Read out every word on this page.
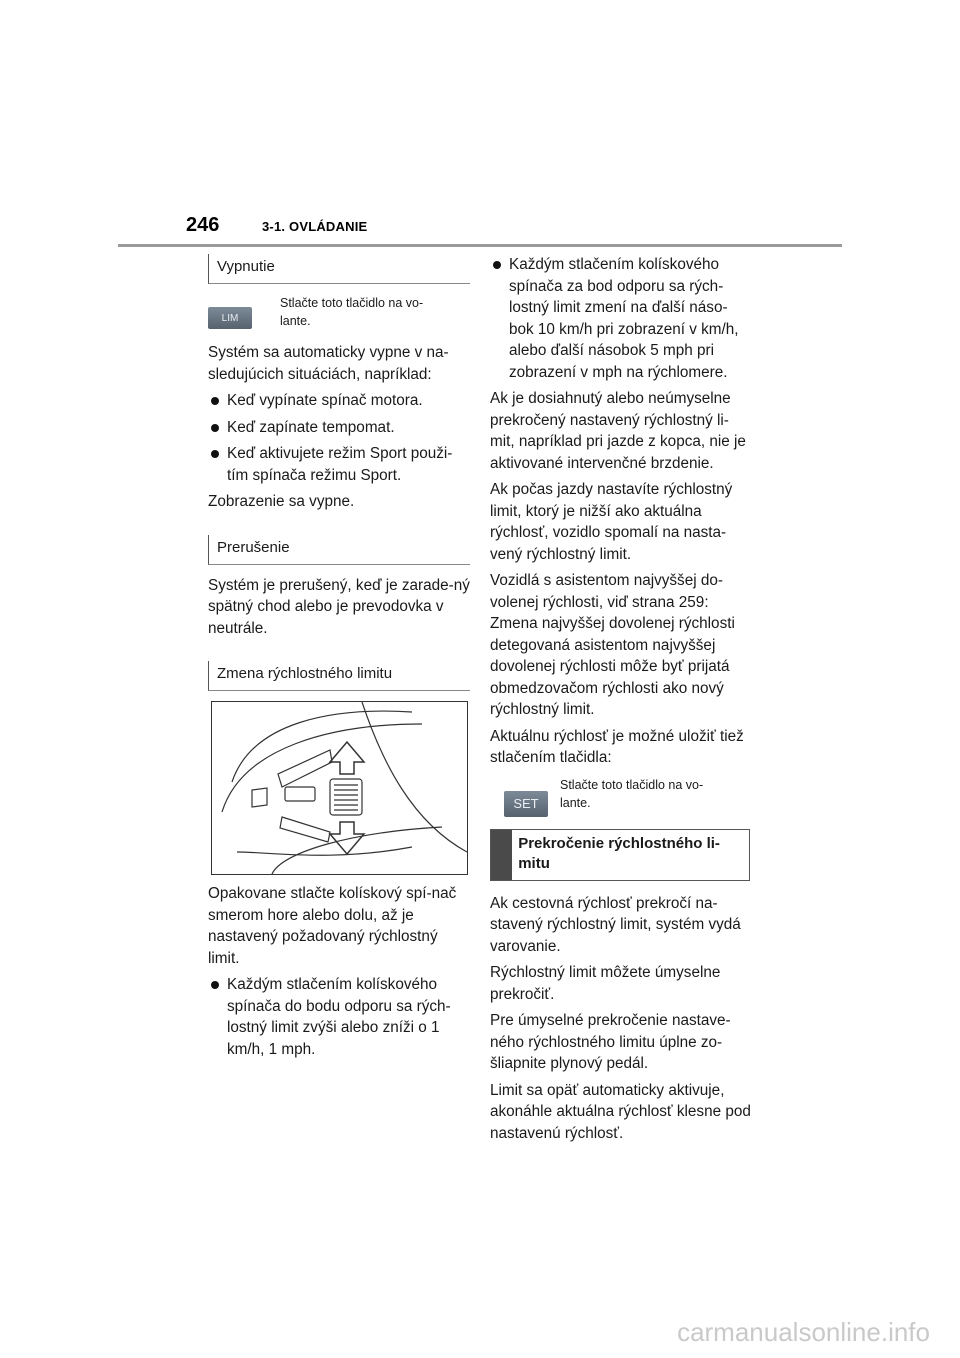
246	3-1. OVLÁDANIE
Vypnutie
LIM
Stlačte toto tlačidlo na vo-lante.

Systém sa automaticky vypne v na-sledujúcich situáciách, napríklad:

Keď vypínate spínač motora.
Keď zapínate tempomat.
Keď aktivujete režim Sport použi-tím spínača režimu Sport.

Zobrazenie sa vypne.

Prerušenie

Systém je prerušený, keď je zarade-ný spätný chod alebo je prevodovka v neutrále.

Zmena rýchlostného limitu

Opakovane stlačte kolískový spí-nač smerom hore alebo dolu, až je nastavený požadovaný rýchlostný limit.

Každým stlačením kolískového spínača do bodu odporu sa rých-lostný limit zvýši alebo zníži o 1 km/h, 1 mph.
Každým stlačením kolískového spínača za bod odporu sa rých-lostný limit zmení na ďalší náso-bok 10 km/h pri zobrazení v km/h, alebo ďalší násobok 5 mph pri zobrazení v mph na rýchlomere.

Ak je dosiahnutý alebo neúmyselne prekročený nastavený rýchlostný li-mit, napríklad pri jazde z kopca, nie je aktivované intervenčné brzdenie.

Ak počas jazdy nastavíte rýchlostný limit, ktorý je nižší ako aktuálna rýchlosť, vozidlo spomalí na nasta-vený rýchlostný limit.

Vozidlá s asistentom najvyššej do-volenej rýchlosti, viď strana 259: Zmena najvyššej dovolenej rýchlosti detegovaná asistentom najvyššej dovolenej rýchlosti môže byť prijatá obmedzovačom rýchlosti ako nový rýchlostný limit.

Aktuálnu rýchlosť je možné uložiť tiež stlačením tlačidla:

SET
Stlačte toto tlačidlo na vo-lante.
Prekročenie rýchlostného li-mitu

Ak cestovná rýchlosť prekročí na-stavený rýchlostný limit, systém vydá varovanie.

Rýchlostný limit môžete úmyselne prekročiť.

Pre úmyselné prekročenie nastave-ného rýchlostného limitu úplne zo-šliapnite plynový pedál.

Limit sa opäť automaticky aktivuje, akonáhle aktuálna rýchlosť klesne pod nastavenú rýchlosť.

carmanualsonline.info
